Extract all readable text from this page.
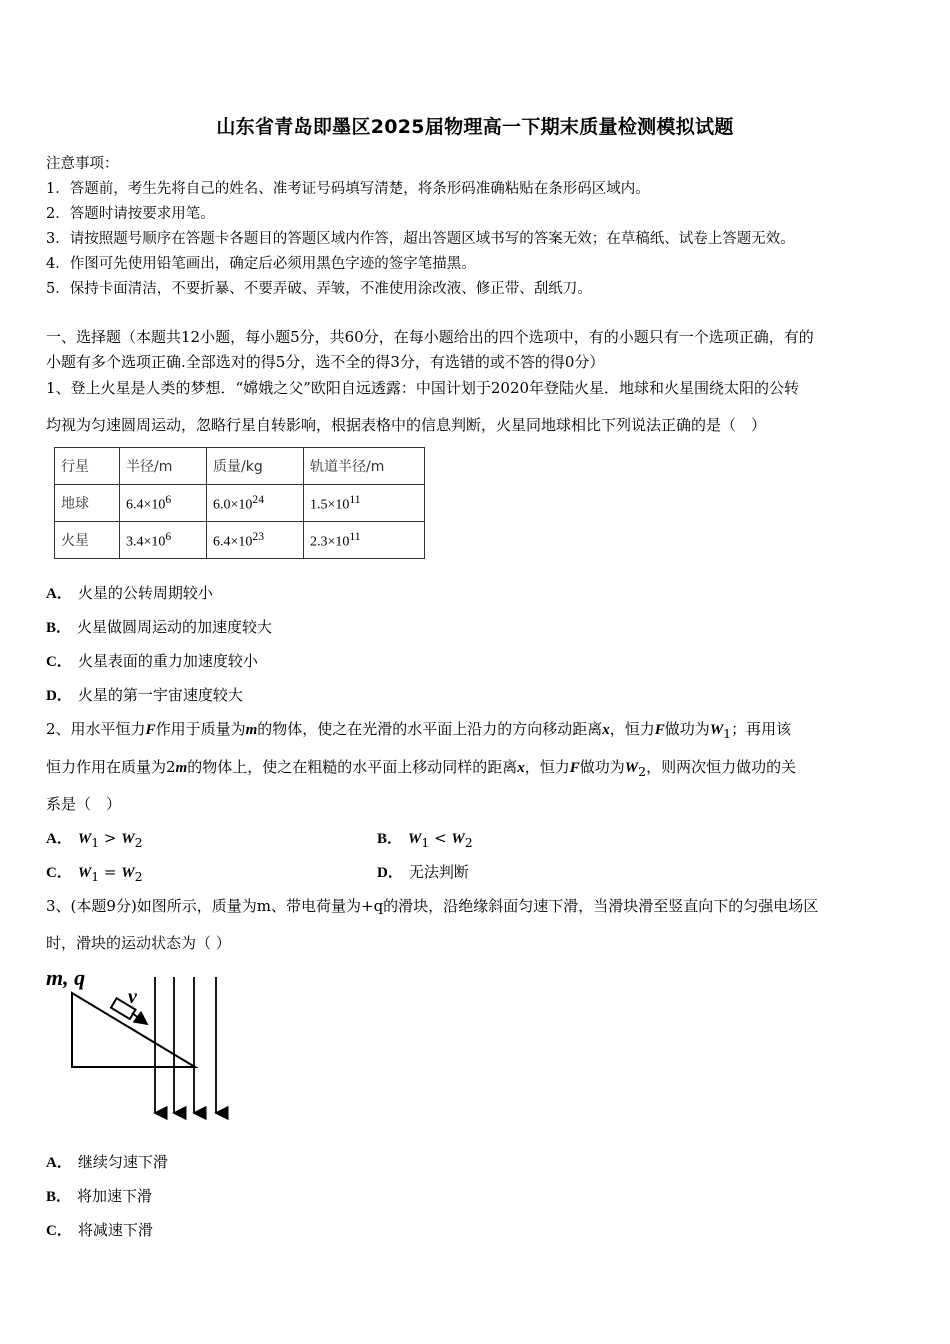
山东省青岛即墨区2025届物理高一下期末质量检测模拟试题
注意事项：
1．答题前，考生先将自己的姓名、准考证号码填写清楚，将条形码准确粘贴在条形码区域内。
2．答题时请按要求用笔。
3．请按照题号顺序在答题卡各题目的答题区域内作答，超出答题区域书写的答案无效；在草稿纸、试卷上答题无效。
4．作图可先使用铅笔画出，确定后必须用黑色字迹的签字笔描黑。
5．保持卡面清洁，不要折暴、不要弄破、弄皱，不准使用涂改液、修正带、刮纸刀。
一、选择题（本题共12小题，每小题5分，共60分，在每小题给出的四个选项中，有的小题只有一个选项正确，有的
小题有多个选项正确.全部选对的得5分，选不全的得3分，有选错的或不答的得0分）
1、登上火星是人类的梦想．“嫦娥之父”欧阳自远透露：中国计划于2020年登陆火星．地球和火星围绕太阳的公转
均视为匀速圆周运动，忽略行星自转影响，根据表格中的信息判断，火星同地球相比下列说法正确的是（　）
行星	半径/m	质量/kg	轨道半径/m
地球	$6.4\times 10^6$	$6.0\times 10^{24}$	$1.5\times 10^{11}$
火星	$3.4\times 10^6$	$6.4\times 10^{23}$	$2.3\times 10^{11}$
A． 火星的公转周期较小
B． 火星做圆周运动的加速度较大
C． 火星表面的重力加速度较小
D． 火星的第一宇宙速度较大
2、用水平恒力F作用于质量为m的物体，使之在光滑的水平面上沿力的方向移动距离x，恒力F做功为$W_1$；再用该
恒力作用在质量为2m的物体上，使之在粗糙的水平面上移动同样的距离x，恒力F做功为$W_2$，则两次恒力做功的关
系是（　）
A． $W_1 > W_2$	B． $W_1 < W_2$
C． $W_1 = W_2$	D． 无法判断
3、(本题9分)如图所示，质量为m、带电荷量为+q的滑块，沿绝缘斜面匀速下滑，当滑块滑至竖直向下的匀强电场区
时，滑块的运动状态为（ ）
m, q
v
A． 继续匀速下滑
B． 将加速下滑
C． 将减速下滑
